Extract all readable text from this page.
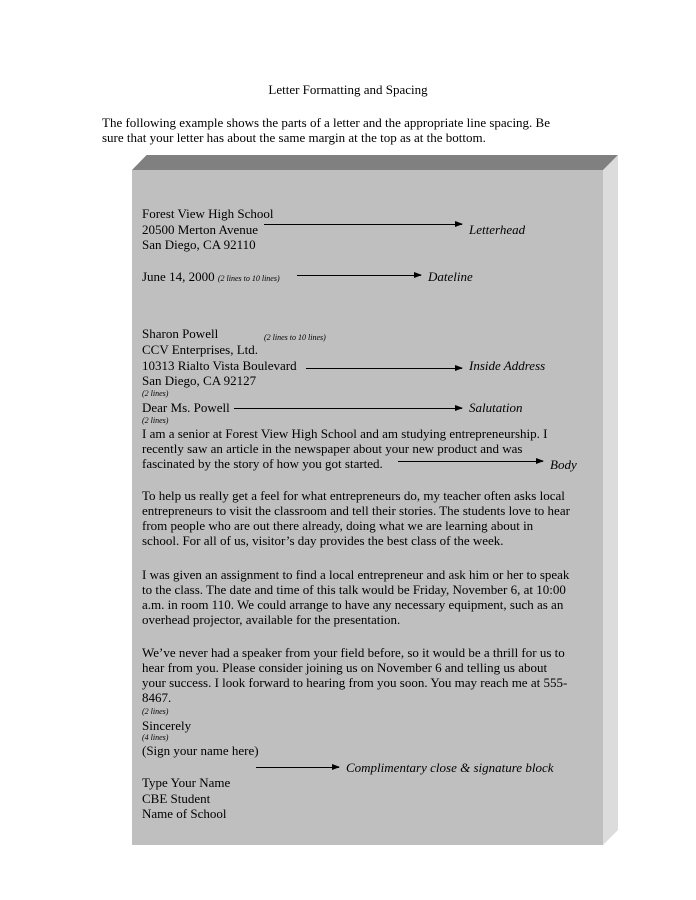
Letter Formatting and Spacing
The following example shows the parts of a letter and the appropriate line spacing. Be
sure that your letter has about the same margin at the top as at the bottom.
Forest View High School
20500 Merton Avenue
San Diego, CA 92110
Letterhead
June 14, 2000 (2 lines to 10 lines)	Dateline
Sharon Powell	(2 lines to 10 lines)
CCV Enterprises, Ltd.
10313 Rialto Vista Boulevard
San Diego, CA 92127
Inside Address
(2 lines)
Dear Ms. Powell	Salutation
(2 lines)
I am a senior at Forest View High School and am studying entrepreneurship. I
recently saw an article in the newspaper about your new product and was
fascinated by the story of how you got started.	Body
To help us really get a feel for what entrepreneurs do, my teacher often asks local
entrepreneurs to visit the classroom and tell their stories. The students love to hear
from people who are out there already, doing what we are learning about in
school. For all of us, visitor’s day provides the best class of the week.
I was given an assignment to find a local entrepreneur and ask him or her to speak
to the class. The date and time of this talk would be Friday, November 6, at 10:00
a.m. in room 110. We could arrange to have any necessary equipment, such as an
overhead projector, available for the presentation.
We’ve never had a speaker from your field before, so it would be a thrill for us to
hear from you. Please consider joining us on November 6 and telling us about
your success. I look forward to hearing from you soon. You may reach me at 555-
8467.
(2 lines)
Sincerely
(4 lines)
(Sign your name here)
Complimentary close & signature block
Type Your Name
CBE Student
Name of School
